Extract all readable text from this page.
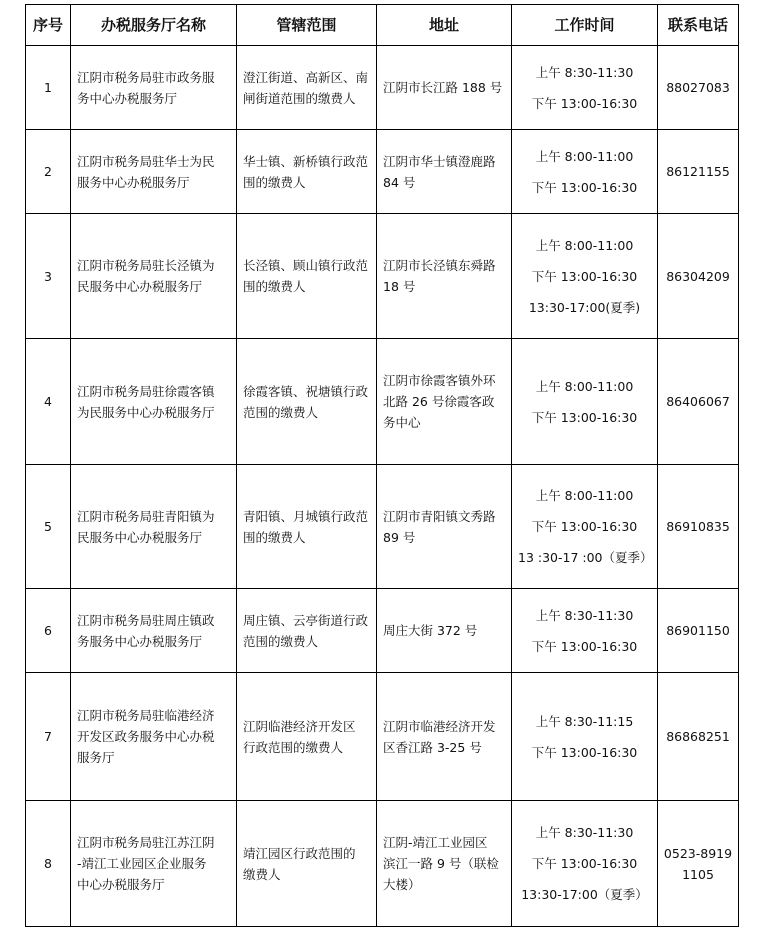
序号	办税服务厅名称	管辖范围	地址	工作时间	联系电话
1	江阴市税务局驻市政务服
务中心办税服务厅	澄江街道、高新区、南
闸街道范围的缴费人	江阴市长江路 188 号	上午 8:30-11:30
下午 13:00-16:30	88027083

2	江阴市税务局驻华士为民
服务中心办税服务厅	华士镇、新桥镇行政范
围的缴费人	江阴市华士镇澄鹿路
84 号	上午 8:00-11:00
下午 13:00-16:30	86121155

3	江阴市税务局驻长泾镇为
民服务中心办税服务厅	长泾镇、顾山镇行政范
围的缴费人	江阴市长泾镇东舜路
18 号	上午 8:00-11:00
下午 13:00-16:30
13:30-17:00(夏季)	86304209

4	江阴市税务局驻徐霞客镇
为民服务中心办税服务厅	徐霞客镇、祝塘镇行政
范围的缴费人	江阴市徐霞客镇外环
北路 26 号徐霞客政
务中心	上午 8:00-11:00
下午 13:00-16:30	86406067

5	江阴市税务局驻青阳镇为
民服务中心办税服务厅	青阳镇、月城镇行政范
围的缴费人	江阴市青阳镇文秀路
89 号	上午 8:00-11:00
下午 13:00-16:30
13 :30-17 :00（夏季）	86910835

6	江阴市税务局驻周庄镇政
务服务中心办税服务厅	周庄镇、云亭街道行政
范围的缴费人	周庄大街 372 号	上午 8:30-11:30
下午 13:00-16:30	86901150

7	江阴市税务局驻临港经济
开发区政务服务中心办税
服务厅	江阴临港经济开发区
行政范围的缴费人	江阴市临港经济开发
区香江路 3-25 号	上午 8:30-11:15
下午 13:00-16:30	86868251

8	江阴市税务局驻江苏江阴
-靖江工业园区企业服务
中心办税服务厅	靖江园区行政范围的
缴费人	江阴-靖江工业园区
滨江一路 9 号（联检
大楼）	上午 8:30-11:30
下午 13:00-16:30
13:30-17:00（夏季）	0523-8919
1105
